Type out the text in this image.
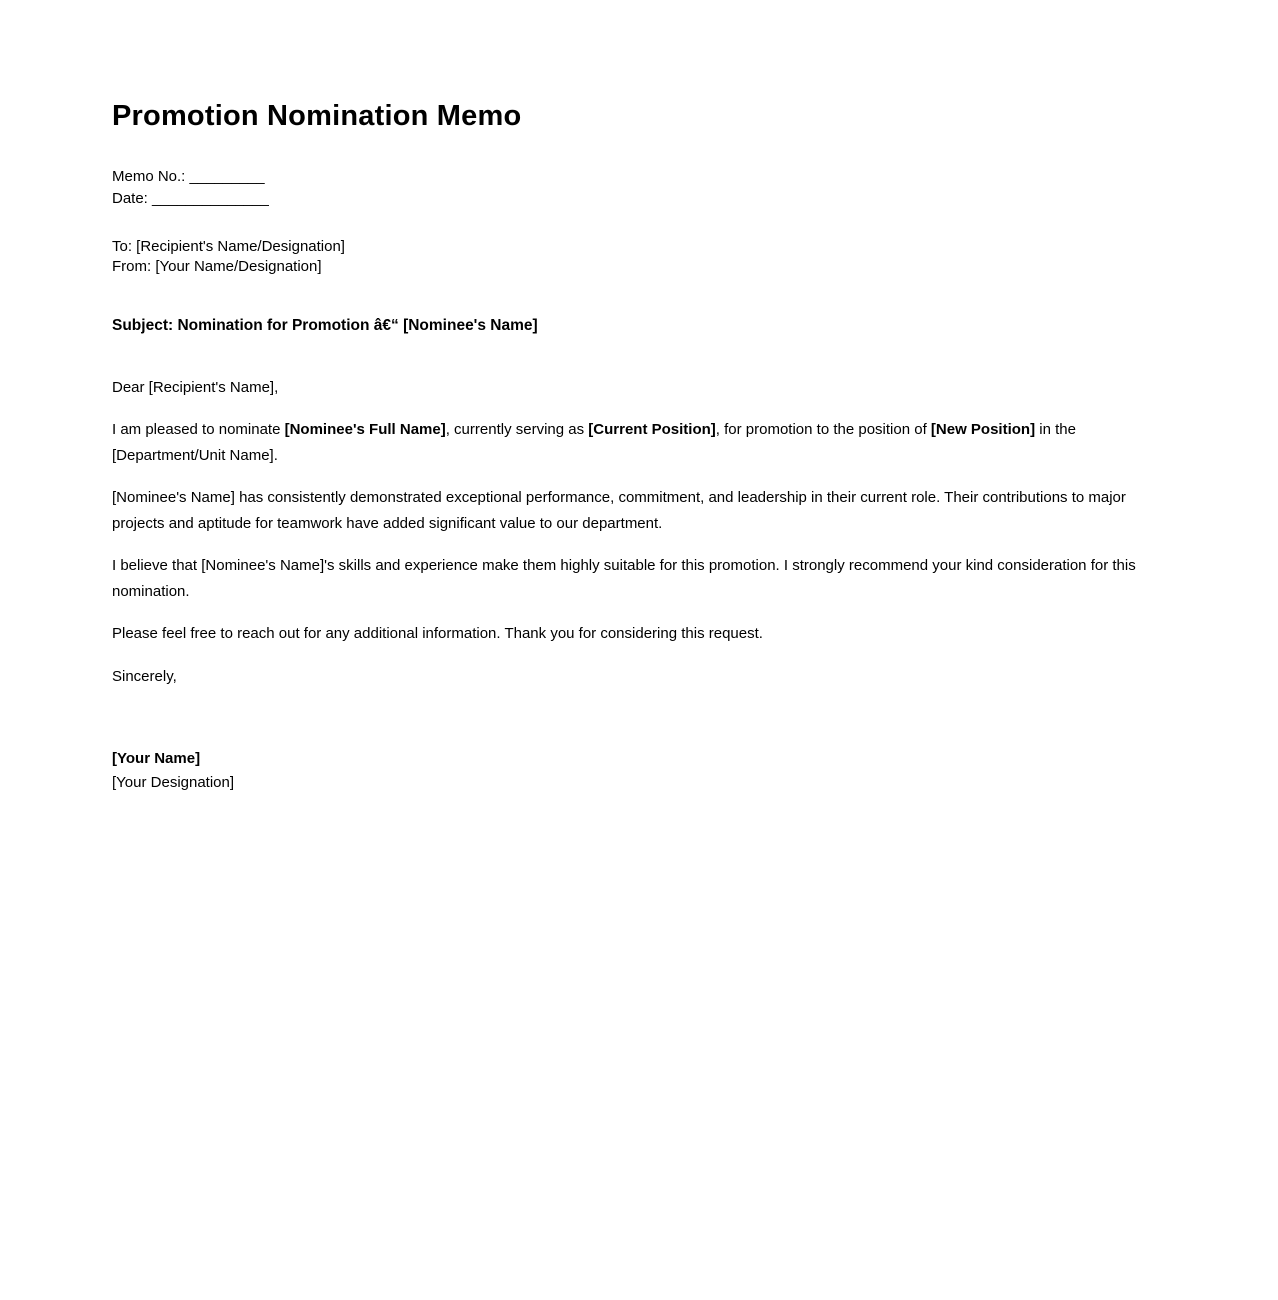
Promotion Nomination Memo
Memo No.: _________
Date: ______________
To: [Recipient's Name/Designation]
From: [Your Name/Designation]

Subject: Nomination for Promotion â€“ [Nominee's Name]

Dear [Recipient's Name],

I am pleased to nominate [Nominee's Full Name], currently serving as [Current Position], for promotion to the position of [New Position] in the [Department/Unit Name].

[Nominee's Name] has consistently demonstrated exceptional performance, commitment, and leadership in their current role. Their contributions to major projects and aptitude for teamwork have added significant value to our department.

I believe that [Nominee's Name]'s skills and experience make them highly suitable for this promotion. I strongly recommend your kind consideration for this nomination.

Please feel free to reach out for any additional information. Thank you for considering this request.

Sincerely,

[Your Name]
[Your Designation]
